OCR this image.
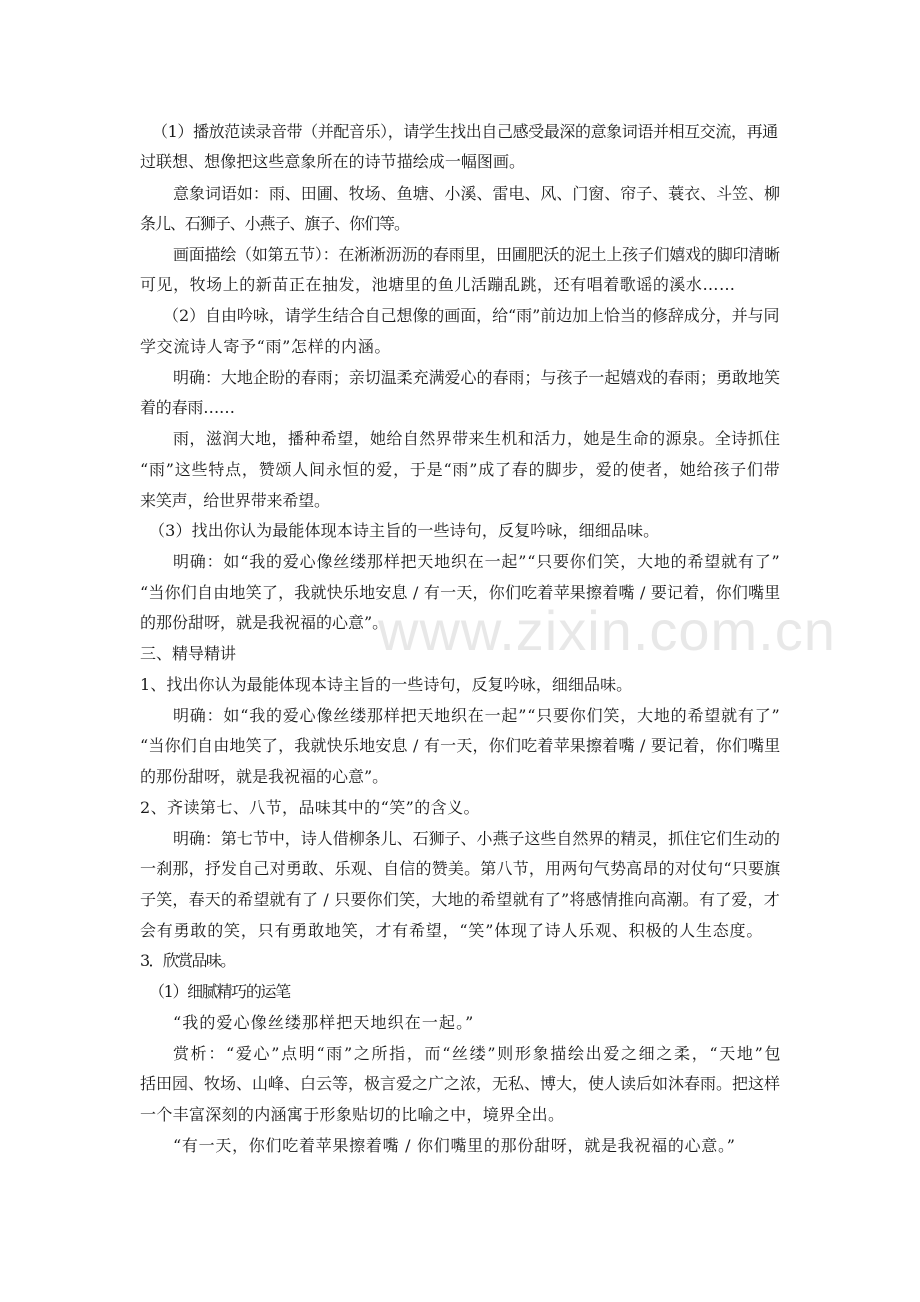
www.zixin.com.cn
（1）播放范读录音带（并配音乐），请学生找出自己感受最深的意象词语并相互交流，再通
过联想、想像把这些意象所在的诗节描绘成一幅图画。
意象词语如：雨、田圃、牧场、鱼塘、小溪、雷电、风、门窗、帘子、蓑衣、斗笠、柳
条儿、石狮子、小燕子、旗子、你们等。
画面描绘（如第五节）：在淅淅沥沥的春雨里，田圃肥沃的泥土上孩子们嬉戏的脚印清晰
可见，牧场上的新苗正在抽发，池塘里的鱼儿活蹦乱跳，还有唱着歌谣的溪水……
（2）自由吟咏，请学生结合自己想像的画面，给“雨”前边加上恰当的修辞成分，并与同
学交流诗人寄予“雨”怎样的内涵。
明确：大地企盼的春雨；亲切温柔充满爱心的春雨；与孩子一起嬉戏的春雨；勇敢地笑
着的春雨……
雨，滋润大地，播种希望，她给自然界带来生机和活力，她是生命的源泉。全诗抓住
“雨”这些特点，赞颂人间永恒的爱，于是“雨”成了春的脚步，爱的使者，她给孩子们带
来笑声，给世界带来希望。
（3）找出你认为最能体现本诗主旨的一些诗句，反复吟咏，细细品味。
明确：如“我的爱心像丝缕那样把天地织在一起”“只要你们笑，大地的希望就有了”
“当你们自由地笑了，我就快乐地安息 / 有一天，你们吃着苹果擦着嘴 / 要记着，你们嘴里
的那份甜呀，就是我祝福的心意”。
三、精导精讲
1、找出你认为最能体现本诗主旨的一些诗句，反复吟咏，细细品味。
明确：如“我的爱心像丝缕那样把天地织在一起”“只要你们笑，大地的希望就有了”
“当你们自由地笑了，我就快乐地安息 / 有一天，你们吃着苹果擦着嘴 / 要记着，你们嘴里
的那份甜呀，就是我祝福的心意”。
2、齐读第七、八节，品味其中的“笑”的含义。
明确：第七节中，诗人借柳条儿、石狮子、小燕子这些自然界的精灵，抓住它们生动的
一刹那，抒发自己对勇敢、乐观、自信的赞美。第八节，用两句气势高昂的对仗句“只要旗
子笑，春天的希望就有了 / 只要你们笑，大地的希望就有了”将感情推向高潮。有了爱，才
会有勇敢的笑，只有勇敢地笑，才有希望，“笑”体现了诗人乐观、积极的人生态度。
3．欣赏品味。
（1）细腻精巧的运笔
“我的爱心像丝缕那样把天地织在一起。”
赏析：“爱心”点明“雨”之所指，而“丝缕”则形象描绘出爱之细之柔，“天地”包
括田园、牧场、山峰、白云等，极言爱之广之浓，无私、博大，使人读后如沐春雨。把这样
一个丰富深刻的内涵寓于形象贴切的比喻之中，境界全出。
“有一天，你们吃着苹果擦着嘴 / 你们嘴里的那份甜呀，就是我祝福的心意。”
